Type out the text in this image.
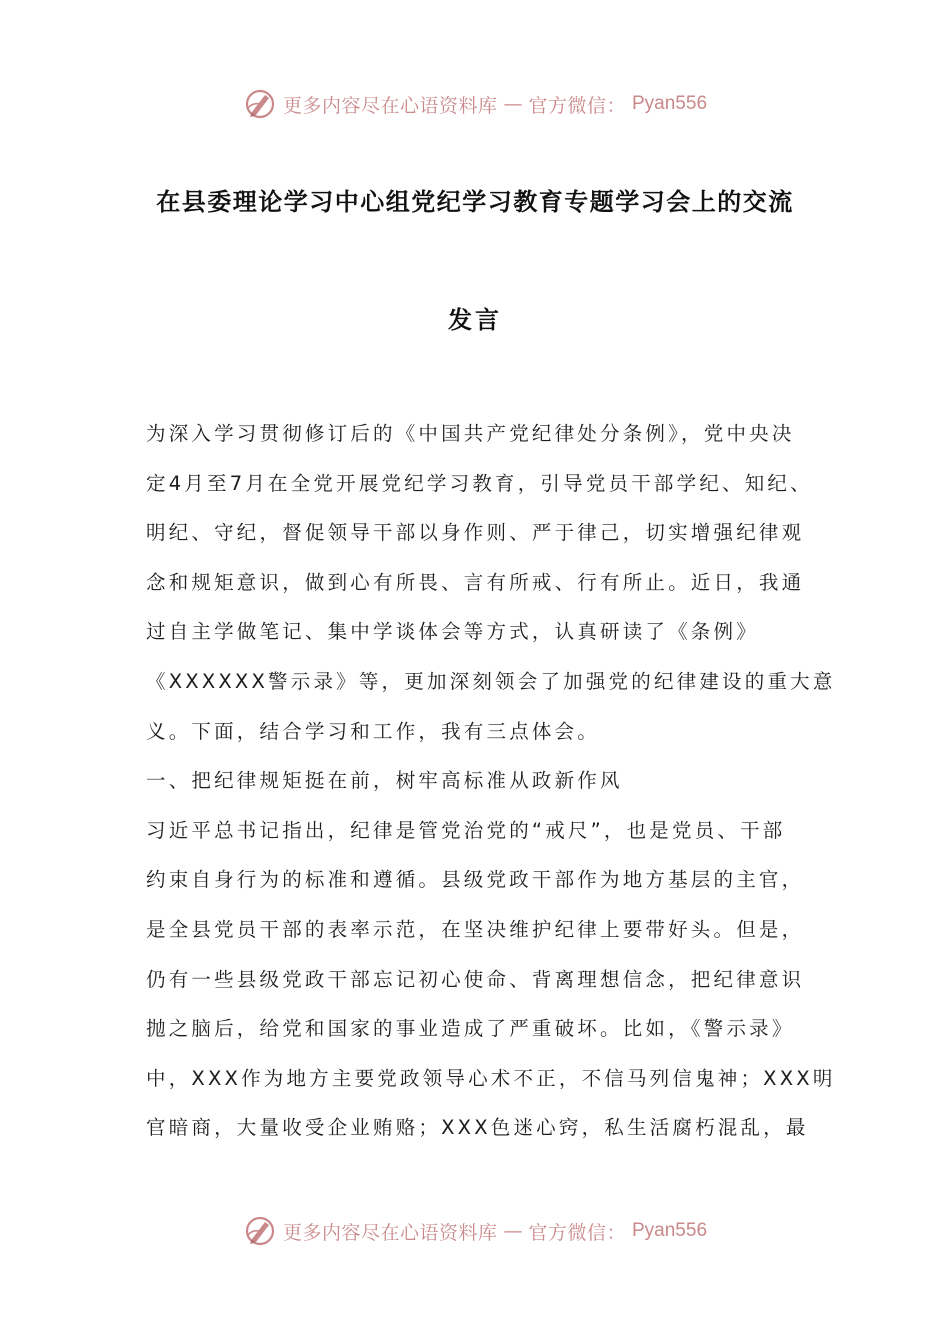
更多内容尽在心语资料库 — 官方微信： Pyan556
在县委理论学习中心组党纪学习教育专题学习会上的交流
发言
为深入学习贯彻修订后的《中国共产党纪律处分条例》，党中央决
定4月至7月在全党开展党纪学习教育，引导党员干部学纪、知纪、
明纪、守纪，督促领导干部以身作则、严于律己，切实增强纪律观
念和规矩意识，做到心有所畏、言有所戒、行有所止。近日，我通
过自主学做笔记、集中学谈体会等方式，认真研读了《条例》
《XXXXXX警示录》等，更加深刻领会了加强党的纪律建设的重大意
义。下面，结合学习和工作，我有三点体会。
一、把纪律规矩挺在前，树牢高标准从政新作风
习近平总书记指出，纪律是管党治党的“戒尺”，也是党员、干部
约束自身行为的标准和遵循。县级党政干部作为地方基层的主官，
是全县党员干部的表率示范，在坚决维护纪律上要带好头。但是，
仍有一些县级党政干部忘记初心使命、背离理想信念，把纪律意识
抛之脑后，给党和国家的事业造成了严重破坏。比如，《警示录》
中，XXX作为地方主要党政领导心术不正，不信马列信鬼神；XXX明
官暗商，大量收受企业贿赂；XXX色迷心窍，私生活腐朽混乱，最
更多内容尽在心语资料库 — 官方微信： Pyan556
